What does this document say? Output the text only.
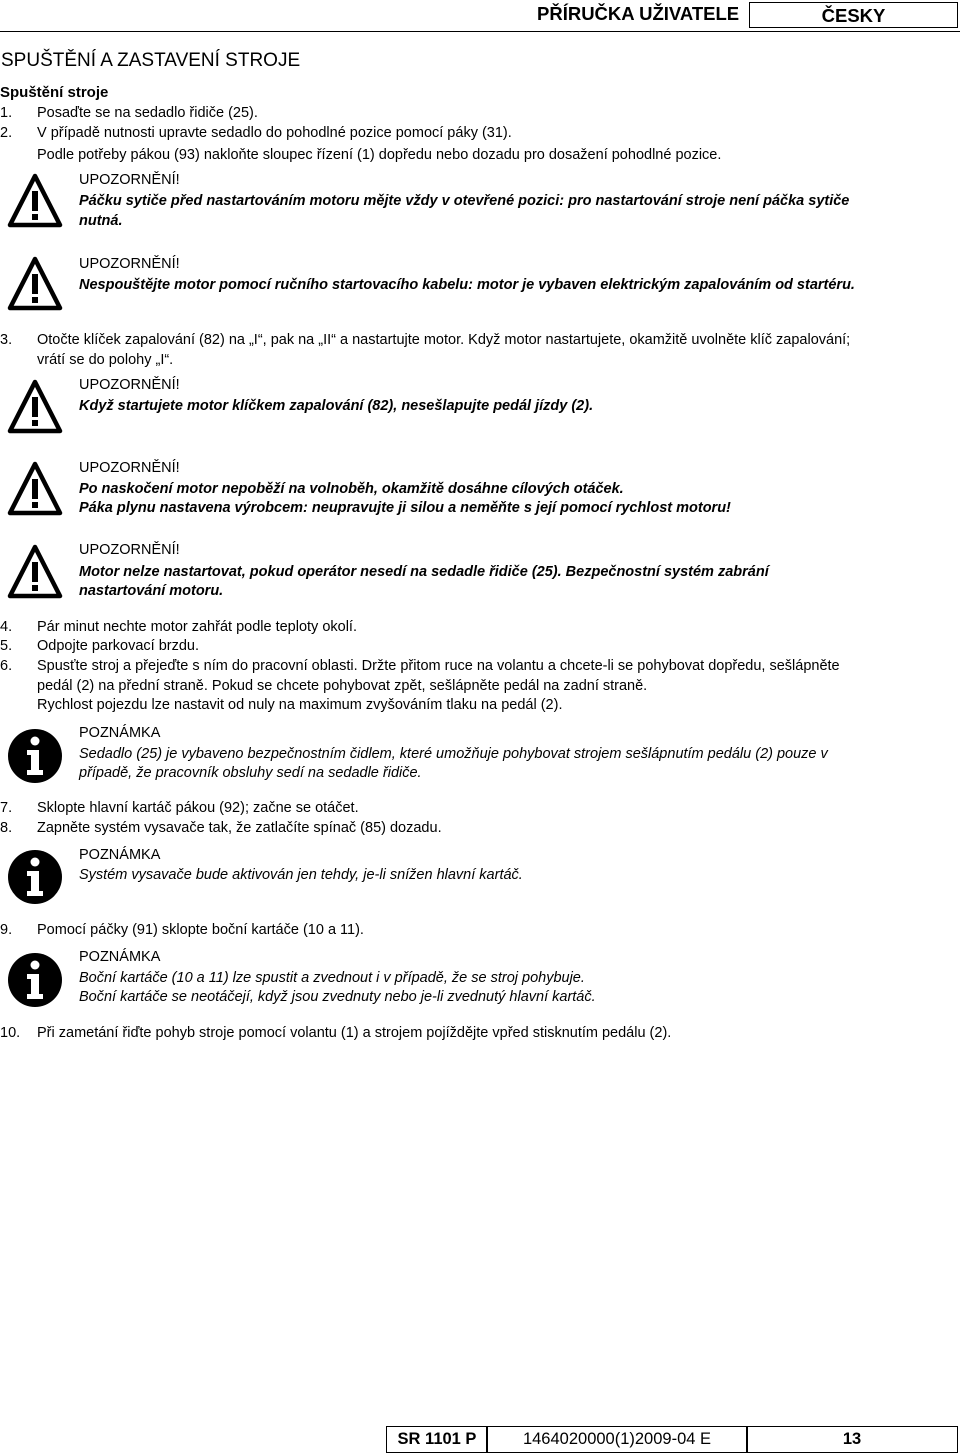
PŘÍRUČKA UŽIVATELE	ČESKY
SPUŠTĚNÍ A ZASTAVENÍ STROJE
Spuštění stroje
1. Posaďte se na sedadlo řidiče (25).
2. V případě nutnosti upravte sedadlo do pohodlné pozice pomocí páky (31).
Podle potřeby pákou (93) nakloňte sloupec řízení (1) dopředu nebo dozadu pro dosažení pohodlné pozice.
UPOZORNĚNÍ!
Páčku sytiče před nastartováním motoru mějte vždy v otevřené pozici: pro nastartování stroje není páčka sytiče
nutná.
UPOZORNĚNÍ!
Nespouštějte motor pomocí ručního startovacího kabelu: motor je vybaven elektrickým zapalováním od startéru.
3. Otočte klíček zapalování (82) na „I“, pak na „II“ a nastartujte motor. Když motor nastartujete, okamžitě uvolněte klíč zapalování;
vrátí se do polohy „I“.
UPOZORNĚNÍ!
Když startujete motor klíčkem zapalování (82), nesešlapujte pedál jízdy (2).
UPOZORNĚNÍ!
Po naskočení motor nepoběží na volnoběh, okamžitě dosáhne cílových otáček.
Páka plynu nastavena výrobcem: neupravujte ji silou a neměňte s její pomocí rychlost motoru!
UPOZORNĚNÍ!
Motor nelze nastartovat, pokud operátor nesedí na sedadle řidiče (25). Bezpečnostní systém zabrání
nastartování motoru.
4. Pár minut nechte motor zahřát podle teploty okolí.
5. Odpojte parkovací brzdu.
6. Spusťte stroj a přejeďte s ním do pracovní oblasti. Držte přitom ruce na volantu a chcete-li se pohybovat dopředu, sešlápněte
pedál (2) na přední straně. Pokud se chcete pohybovat zpět, sešlápněte pedál na zadní straně.
Rychlost pojezdu lze nastavit od nuly na maximum zvyšováním tlaku na pedál (2).
POZNÁMKA
Sedadlo (25) je vybaveno bezpečnostním čidlem, které umožňuje pohybovat strojem sešlápnutím pedálu (2) pouze v
případě, že pracovník obsluhy sedí na sedadle řidiče.
7. Sklopte hlavní kartáč pákou (92); začne se otáčet.
8. Zapněte systém vysavače tak, že zatlačíte spínač (85) dozadu.
POZNÁMKA
Systém vysavače bude aktivován jen tehdy, je-li snížen hlavní kartáč.
9. Pomocí páčky (91) sklopte boční kartáče (10 a 11).
POZNÁMKA
Boční kartáče (10 a 11) lze spustit a zvednout i v případě, že se stroj pohybuje.
Boční kartáče se neotáčejí, když jsou zvednuty nebo je-li zvednutý hlavní kartáč.
10. Při zametání řiďte pohyb stroje pomocí volantu (1) a strojem pojíždějte vpřed stisknutím pedálu (2).
SR 1101 P	1464020000(1)2009-04 E	13
